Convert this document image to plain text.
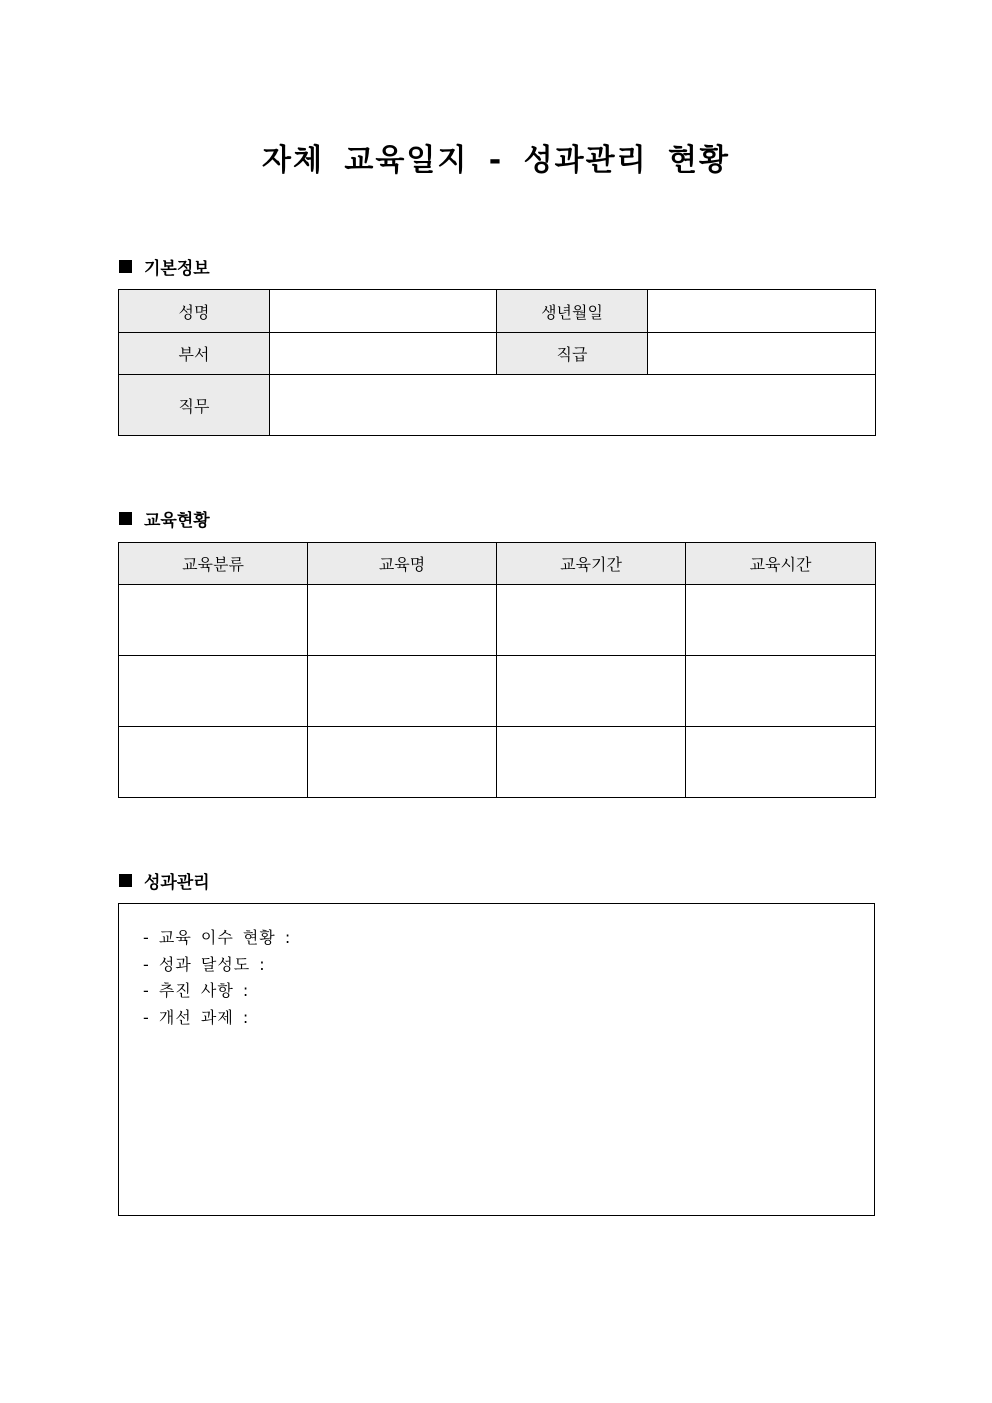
자체 교육일지 - 성과관리 현황
기본정보
성명		생년월일	
부서		직급	
직무			
교육현황
교육분류	교육명	교육기간	교육시간

성과관리
- 교육 이수 현황 :
- 성과 달성도 :
- 추진 사항 :
- 개선 과제 :
